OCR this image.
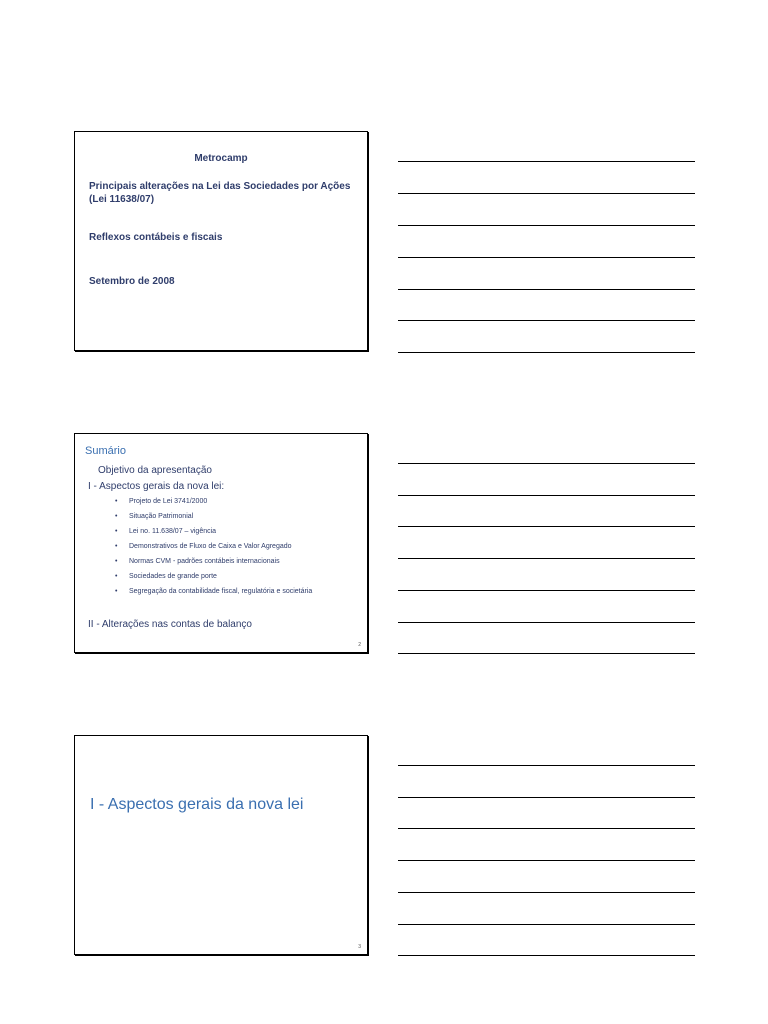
Metrocamp
Principais alterações na Lei das Sociedades por Ações (Lei 11638/07)
Reflexos contábeis e fiscais
Setembro de 2008
Sumário
Objetivo da apresentação
I - Aspectos gerais da nova lei:
• Projeto de Lei 3741/2000
• Situação Patrimonial
• Lei no. 11.638/07 – vigência
• Demonstrativos de Fluxo de Caixa e Valor Agregado
• Normas CVM - padrões contábeis internacionais
• Sociedades de grande porte
• Segregação da contabilidade fiscal, regulatória e societária
II - Alterações nas contas de balanço
2
I - Aspectos gerais da nova lei
3
